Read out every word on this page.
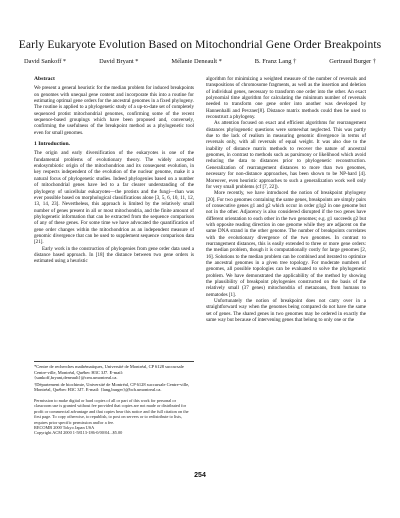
Early Eukaryote Evolution Based on Mitochondrial Gene Order Breakpoints
David Sankoff *	David Bryant *	Mélanie Deneault *	B. Franz Lang †	Gertraud Burger †
Abstract

We present a general heuristic for the median problem for induced breakpoints on genomes with unequal gene content and incorporate this into a routine for estimating optimal gene orders for the ancestral genomes in a fixed phylogeny. The routine is applied to a phylogenetic study of a up-to-date set of completely sequenced protist mitochondrial genomes, confirming some of the recent sequence-based groupings which have been proposed and, conversely, confirming the usefulness of the breakpoint method as a phylogenetic tool even for small genomes.

1 Introduction.

The origin and early diversification of the eukaryotes is one of the fundamental problems of evolutionary theory. The widely accepted endosymbiotic origin of the mitochondrion and its consequent evolution, in key respects independent of the evolution of the nuclear genome, make it a natural focus of phylogenetic studies. Indeed phylogenies based on a number of mitochondrial genes have led to a far clearer understanding of the phylogeny of unicellular eukaryotes—the protists and the fungi—than was ever possible based on morphological classifications alone [3, 5, 6, 10, 11, 12, 13, 14, 23]. Nevertheless, this approach is limited by the relatively small number of genes present in all or most mitochondria, and the finite amount of phylogenetic information that can be extracted from the sequence comparison of any of these genes. For some time we have advocated the quantification of gene order changes within the mitochondrion as an independent measure of genomic divergence that can be used to supplement sequence comparison data [21].

Early work in the construction of phylogenies from gene order data used a distance based approach. In [18] the distance between two gene orders is estimated using a heuristic

*Centre de recherches mathématiques, Université de Montréal, CP 6128 succursale Centre-ville, Montréal, Québec H3C 3J7. E-mail: {sankoff,bryant,deneault}@crm.umontreal.ca.

†Département de biochimie, Université de Montréal, CP 6128 succursale Centre-ville, Montréal, Québec H3C 3J7. E-mail: {lang,burger}@bch.umontreal.ca.

Permission to make digital or hard copies of all or part of this work for personal or classroom use is granted without fee provided that copies are not made or distributed for profit or commercial advantage and that copies bear this notice and the full citation on the first page. To copy otherwise, to republish, to post on servers or to redistribute to lists, requires prior specific permission and/or a fee.

RECOMB 2000 Tokyo Japan USA

Copyright ACM 2000 1-58113-186-0/00/04...$5.00

algorithm for minimizing a weighted measure of the number of reversals and transpositions of chromosome fragments, as well as the insertion and deletion of individual genes, necessary to transform one order into the other. An exact polynomial time algorithm for calculating the minimum number of reversals needed to transform one gene order into another was developed by Hannenhalli and Pevzner[8]. Distance matrix methods could then be used to reconstruct a phylogeny.

As attention focused on exact and efficient algorithms for rearrangement distances phylogenetic questions were somewhat neglected. This was partly due to the lack of realism in measuring genomic divergence in terms of reversals only, with all reversals of equal weight. It was also due to the inability of distance matrix methods to recover the nature of ancestral genomes, in contrast to methods such as parsimony or likelihood which avoid reducing the data to distances prior to phylogenetic reconstruction. Generalization of rearrangement distances to more than two genomes, necessary for non-distance approaches, has been shown to be NP-hard [4]. Moreover, even heuristic approaches to such a generalization work well only for very small problems (cf [7, 22]).

More recently, we have introduced the notion of breakpoint phylogeny [20]. For two genomes containing the same genes, breakpoints are simply pairs of consecutive genes g1 and g2 which occur in order g1g2 in one genome but not in the other. Adjacency is also considered disrupted if the two genes have different orientation to each other in the two genomes; e.g. g1 succeeds g2 but with opposite reading direction in one genome while they are adjacent on the same DNA strand in the other genome. The number of breakpoints correlates with the evolutionary divergence of the two genomes. In contrast to rearrangement distances, this is easily extended to three or more gene orders: the median problem, though it is computationally costly for large genomes [2, 16]. Solutions to the median problem can be combined and iterated to optimize the ancestral genomes in a given tree topology. For moderate numbers of genomes, all possible topologies can be evaluated to solve the phylogenetic problem. We have demonstrated the applicability of the method by showing the plausibility of breakpoint phylogenies constructed on the basis of the relatively small (37 genes) mitochondria of metazoans, from humans to nematodes [1].

Unfortunately the notion of breakpoint does not carry over in a straightforward way when the genomes being compared do not have the same set of genes. The shared genes in two genomes may be ordered in exactly the same way but because of intervening genes that belong to only one or the

254
